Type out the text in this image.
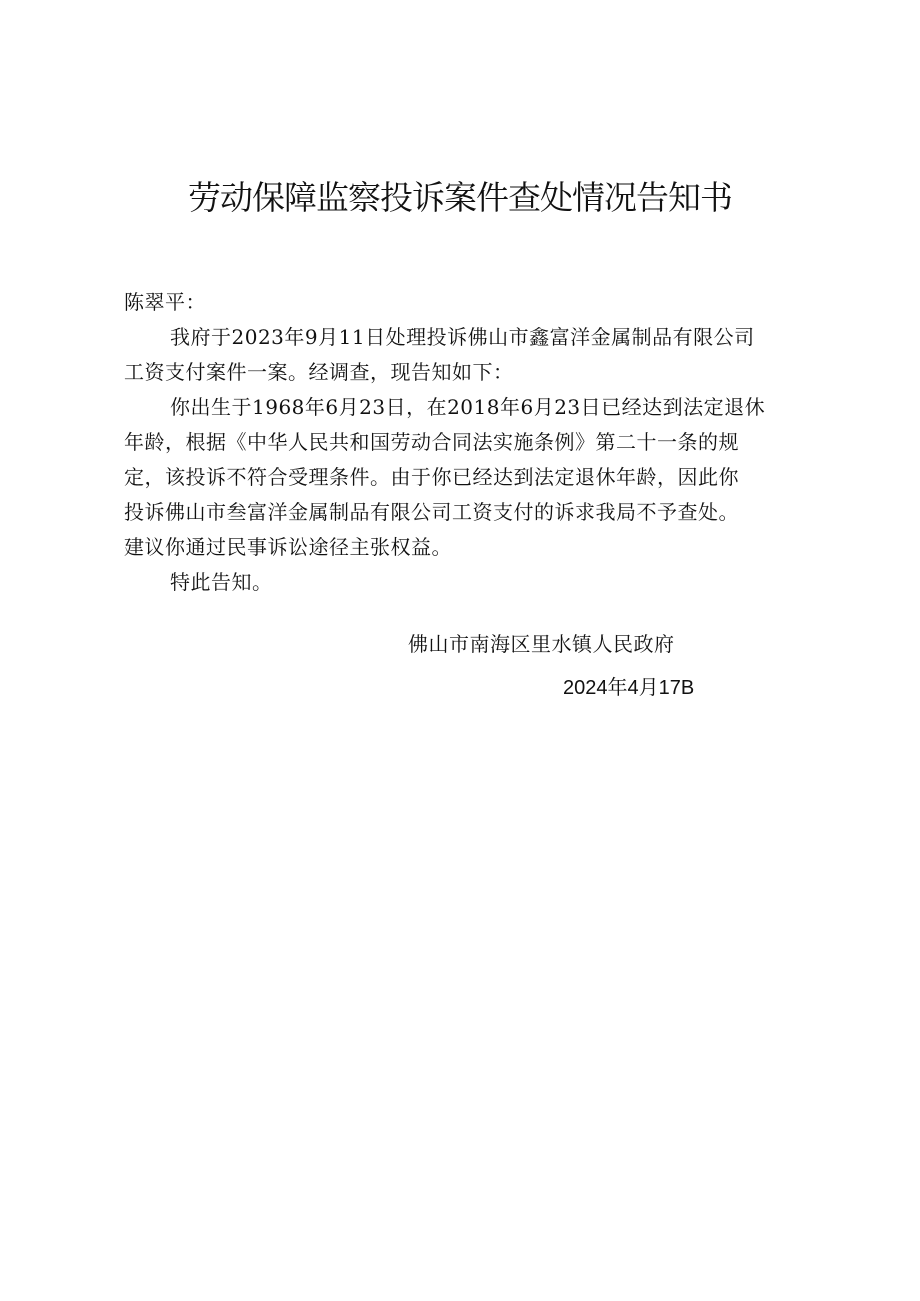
劳动保障监察投诉案件查处情况告知书
陈翠平：
我府于2023年9月11日处理投诉佛山市鑫富洋金属制品有限公司
工资支付案件一案。经调查，现告知如下：
你出生于1968年6月23日，在2018年6月23日已经达到法定退休
年龄，根据《中华人民共和国劳动合同法实施条例》第二十一条的规
定，该投诉不符合受理条件。由于你已经达到法定退休年龄，因此你
投诉佛山市叁富洋金属制品有限公司工资支付的诉求我局不予查处。
建议你通过民事诉讼途径主张权益。
特此告知。
佛山市南海区里水镇人民政府
2024年4月17B
